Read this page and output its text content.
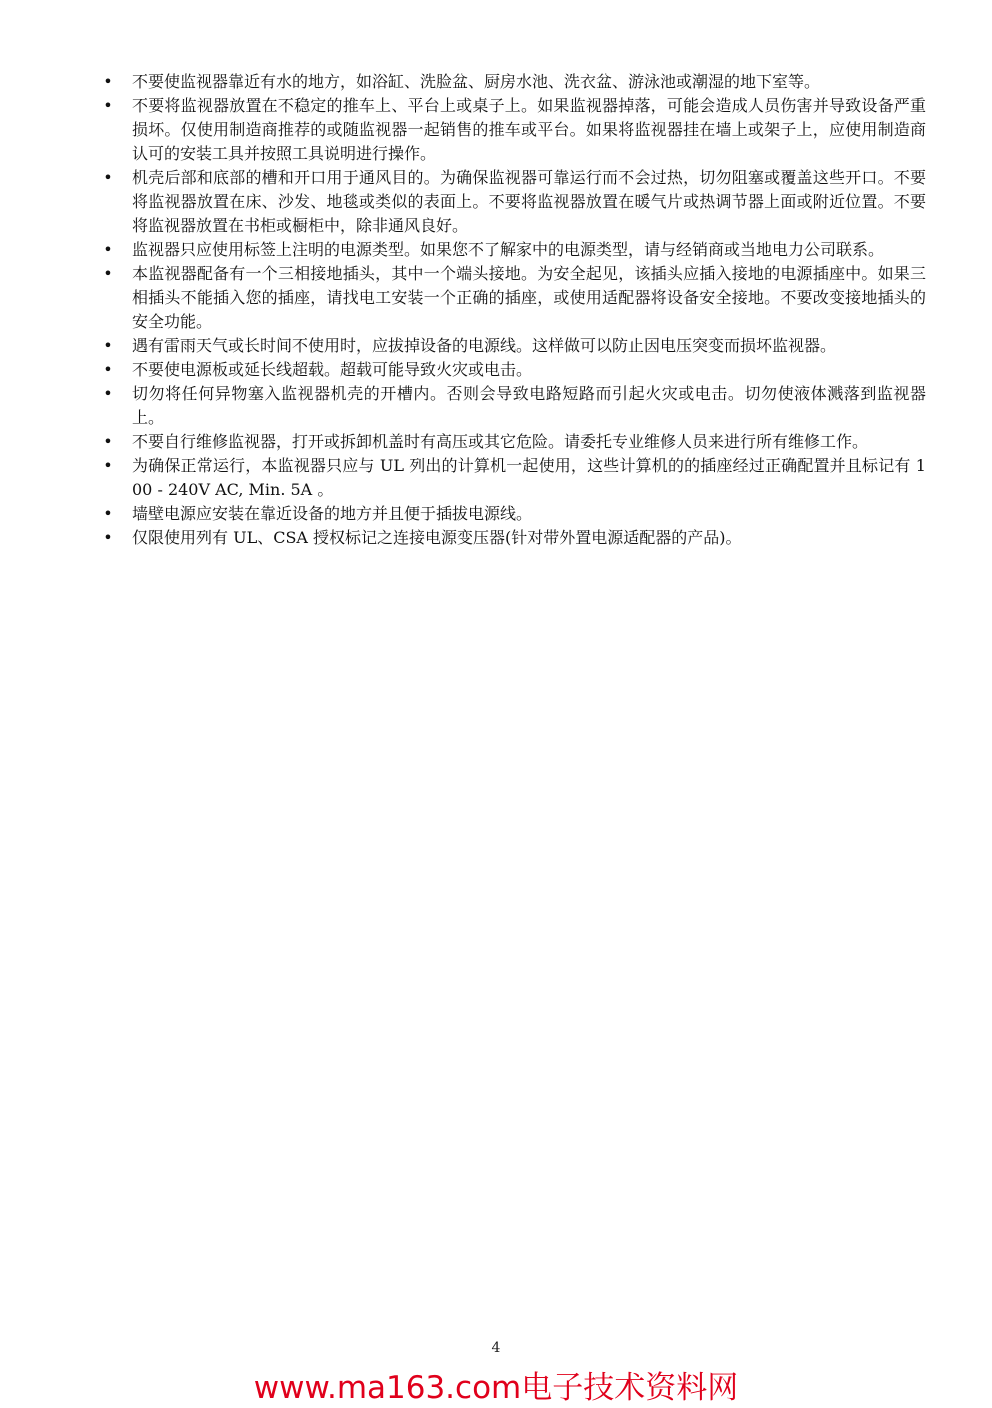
• 不要使监视器靠近有水的地方，如浴缸、洗脸盆、厨房水池、洗衣盆、游泳池或潮湿的地下室等。
• 不要将监视器放置在不稳定的推车上、平台上或桌子上。如果监视器掉落，可能会造成人员伤害并导致设备严重损坏。仅使用制造商推荐的或随监视器一起销售的推车或平台。如果将监视器挂在墙上或架子上，应使用制造商认可的安装工具并按照工具说明进行操作。
• 机壳后部和底部的槽和开口用于通风目的。为确保监视器可靠运行而不会过热，切勿阻塞或覆盖这些开口。不要将监视器放置在床、沙发、地毯或类似的表面上。不要将监视器放置在暖气片或热调节器上面或附近位置。不要将监视器放置在书柜或橱柜中，除非通风良好。
• 监视器只应使用标签上注明的电源类型。如果您不了解家中的电源类型，请与经销商或当地电力公司联系。
• 本监视器配备有一个三相接地插头，其中一个端头接地。为安全起见，该插头应插入接地的电源插座中。如果三相插头不能插入您的插座，请找电工安装一个正确的插座，或使用适配器将设备安全接地。不要改变接地插头的安全功能。
• 遇有雷雨天气或长时间不使用时，应拔掉设备的电源线。这样做可以防止因电压突变而损坏监视器。
• 不要使电源板或延长线超载。超载可能导致火灾或电击。
• 切勿将任何异物塞入监视器机壳的开槽内。否则会导致电路短路而引起火灾或电击。切勿使液体溅落到监视器上。
• 不要自行维修监视器，打开或拆卸机盖时有高压或其它危险。请委托专业维修人员来进行所有维修工作。
• 为确保正常运行，本监视器只应与 UL 列出的计算机一起使用，这些计算机的的插座经过正确配置并且标记有 100 - 240V AC, Min. 5A 。
• 墙壁电源应安装在靠近设备的地方并且便于插拔电源线。
• 仅限使用列有 UL、CSA 授权标记之连接电源变压器(针对带外置电源适配器的产品)。
4
www.ma163.com电子技术资料网
